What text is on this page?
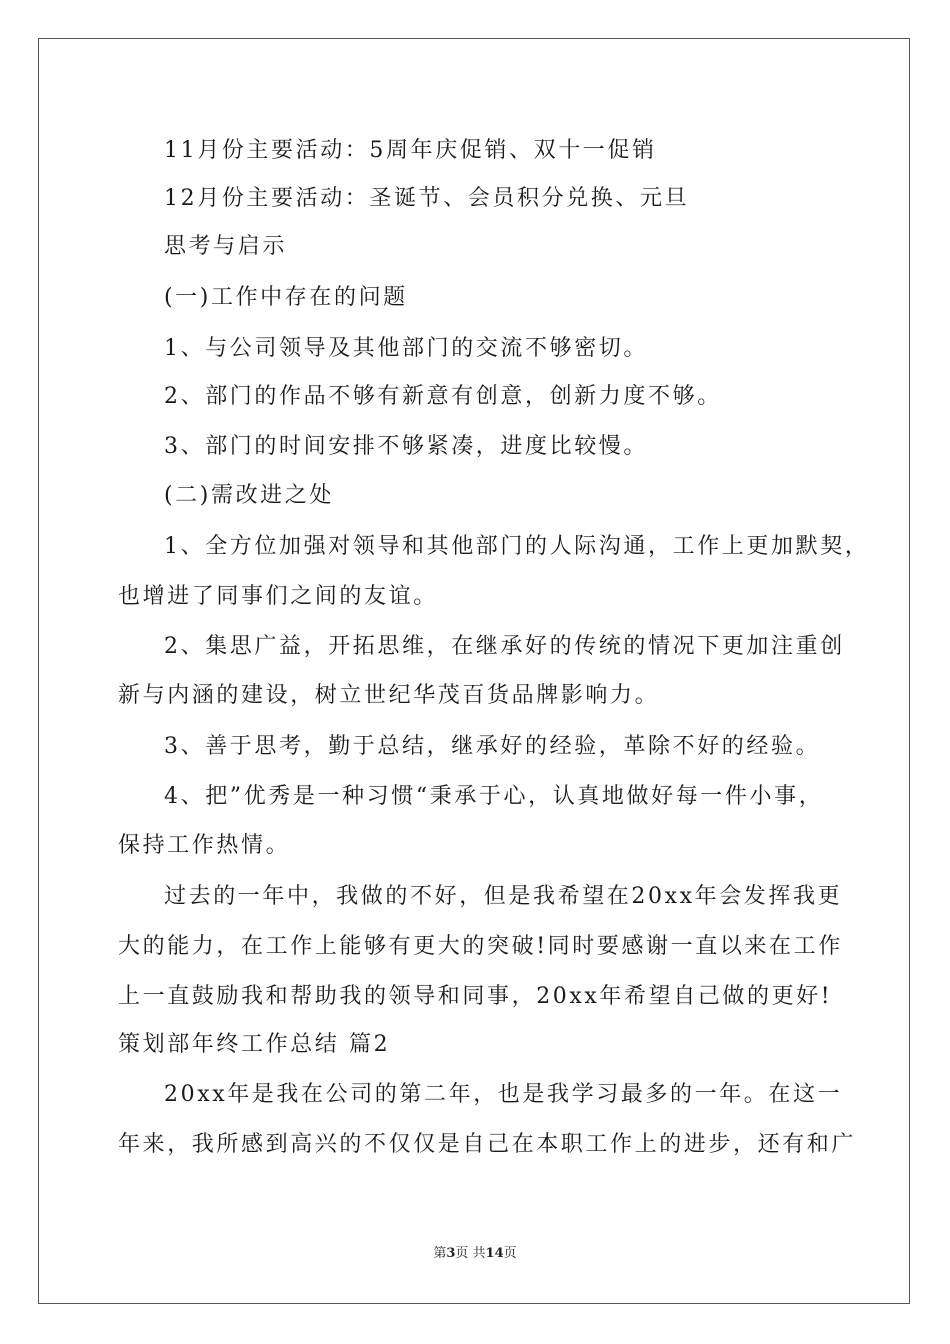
11月份主要活动：5周年庆促销、双十一促销
12月份主要活动：圣诞节、会员积分兑换、元旦
思考与启示
(一)工作中存在的问题
1、与公司领导及其他部门的交流不够密切。
2、部门的作品不够有新意有创意，创新力度不够。
3、部门的时间安排不够紧凑，进度比较慢。
(二)需改进之处
1、全方位加强对领导和其他部门的人际沟通，工作上更加默契，
也增进了同事们之间的友谊。
2、集思广益，开拓思维，在继承好的传统的情况下更加注重创
新与内涵的建设，树立世纪华茂百货品牌影响力。
3、善于思考，勤于总结，继承好的经验，革除不好的经验。
4、把”优秀是一种习惯“秉承于心，认真地做好每一件小事，
保持工作热情。
过去的一年中，我做的不好，但是我希望在20xx年会发挥我更
大的能力，在工作上能够有更大的突破!同时要感谢一直以来在工作
上一直鼓励我和帮助我的领导和同事，20xx年希望自己做的更好!
策划部年终工作总结 篇2
20xx年是我在公司的第二年，也是我学习最多的一年。在这一
年来，我所感到高兴的不仅仅是自己在本职工作上的进步，还有和广
第3页 共14页
